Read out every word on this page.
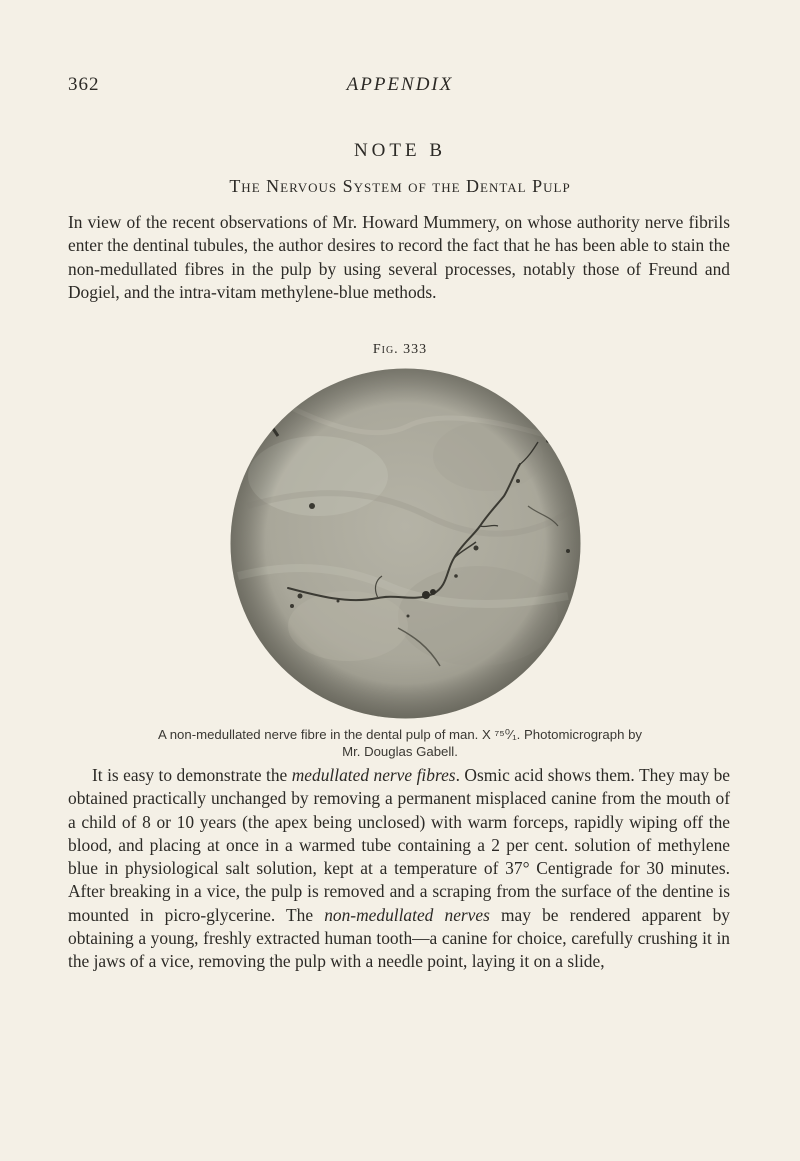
362	APPENDIX
NOTE B
The Nervous System of the Dental Pulp

In view of the recent observations of Mr. Howard Mummery, on whose authority nerve fibrils enter the dentinal tubules, the author desires to record the fact that he has been able to stain the non-medullated fibres in the pulp by using several processes, notably those of Freund and Dogiel, and the intra-vitam methylene-blue methods.

Fig. 333
A non-medullated nerve fibre in the dental pulp of man. X ⁷⁵⁰⁄₁. Photomicrograph by
Mr. Douglas Gabell.

It is easy to demonstrate the medullated nerve fibres. Osmic acid shows them. They may be obtained practically unchanged by removing a permanent misplaced canine from the mouth of a child of 8 or 10 years (the apex being unclosed) with warm forceps, rapidly wiping off the blood, and placing at once in a warmed tube containing a 2 per cent. solution of methylene blue in physiological salt solution, kept at a temperature of 37° Centigrade for 30 minutes. After breaking in a vice, the pulp is removed and a scraping from the surface of the dentine is mounted in picro-glycerine. The non-medullated nerves may be rendered apparent by obtaining a young, freshly extracted human tooth—a canine for choice, carefully crushing it in the jaws of a vice, removing the pulp with a needle point, laying it on a slide,
